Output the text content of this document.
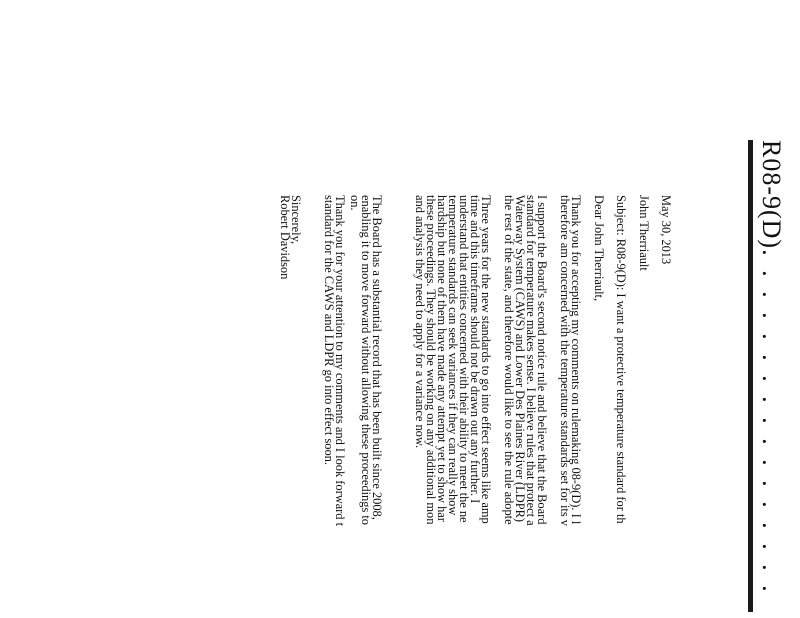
R08-9(D). . . . . . . . . . . . . . . . .
May 30, 2013
John Therriault
Subject: R08-9(D): I want a protective temperature standard for th
Dear John Therriault,
Thank you for accepting my comments on rulemaking 08-9(D). I l
therefore am concerned with the temperature standards set for its v
I support the Board's second notice rule and believe that the Board
standard for temperature makes sense. I believe rules that protect a
Waterway System (CAWS) and Lower Des Plaines River (LDPR)
the rest of the state, and therefore would like to see the rule adopte
Three years for the new standards to go into effect seems like amp
time and this timeframe should not be drawn out any further. I
understand that entities concerned with their ability to meet the ne
temperature standards can seek variances if they can really show
hardship but none of them have made any attempt yet to show har
these proceedings. They should be working on any additional mon
and analysis they need to apply for a variance now.
The Board has a substantial record that has been built since 2008,
enabling it to move forward without allowing these proceedings to
on.
Thank you for your attention to my comments and I look forward t
standard for the CAWS and LDPR go into effect soon.
Sincerely,
Robert Davidson
